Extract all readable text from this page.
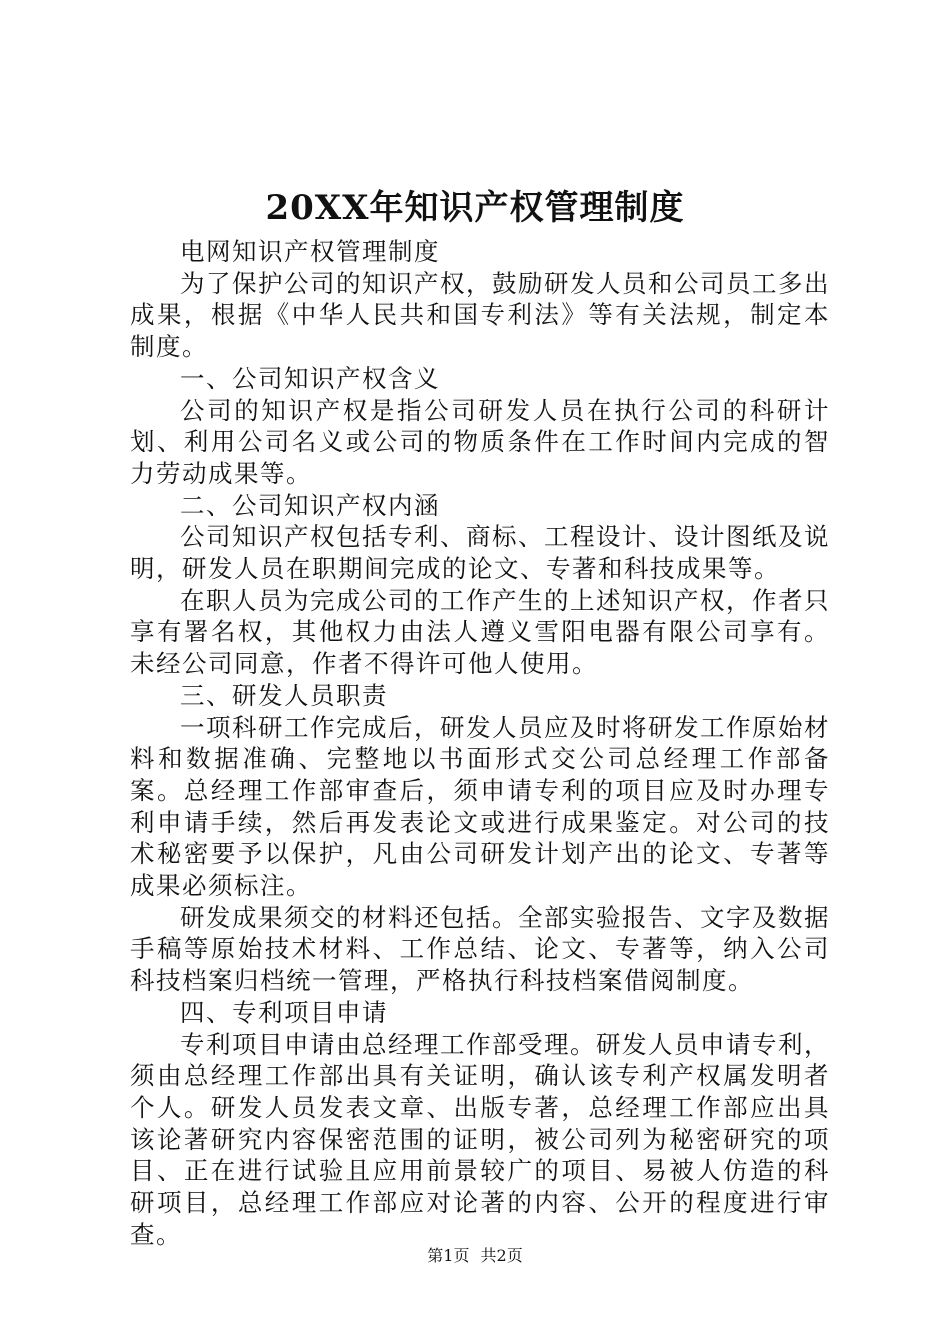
20XX年知识产权管理制度

电网知识产权管理制度

为了保护公司的知识产权，鼓励研发人员和公司员工多出成果，根据《中华人民共和国专利法》等有关法规，制定本制度。

一、公司知识产权含义

公司的知识产权是指公司研发人员在执行公司的科研计划、利用公司名义或公司的物质条件在工作时间内完成的智力劳动成果等。

二、公司知识产权内涵

公司知识产权包括专利、商标、工程设计、设计图纸及说明，研发人员在职期间完成的论文、专著和科技成果等。

在职人员为完成公司的工作产生的上述知识产权，作者只享有署名权，其他权力由法人遵义雪阳电器有限公司享有。未经公司同意，作者不得许可他人使用。

三、研发人员职责

一项科研工作完成后，研发人员应及时将研发工作原始材料和数据准确、完整地以书面形式交公司总经理工作部备案。总经理工作部审查后，须申请专利的项目应及时办理专利申请手续，然后再发表论文或进行成果鉴定。对公司的技术秘密要予以保护，凡由公司研发计划产出的论文、专著等成果必须标注。

研发成果须交的材料还包括。全部实验报告、文字及数据手稿等原始技术材料、工作总结、论文、专著等，纳入公司科技档案归档统一管理，严格执行科技档案借阅制度。

四、专利项目申请

专利项目申请由总经理工作部受理。研发人员申请专利，须由总经理工作部出具有关证明，确认该专利产权属发明者个人。研发人员发表文章、出版专著，总经理工作部应出具该论著研究内容保密范围的证明，被公司列为秘密研究的项目、正在进行试验且应用前景较广的项目、易被人仿造的科研项目，总经理工作部应对论著的内容、公开的程度进行审查。

第1页 共2页
